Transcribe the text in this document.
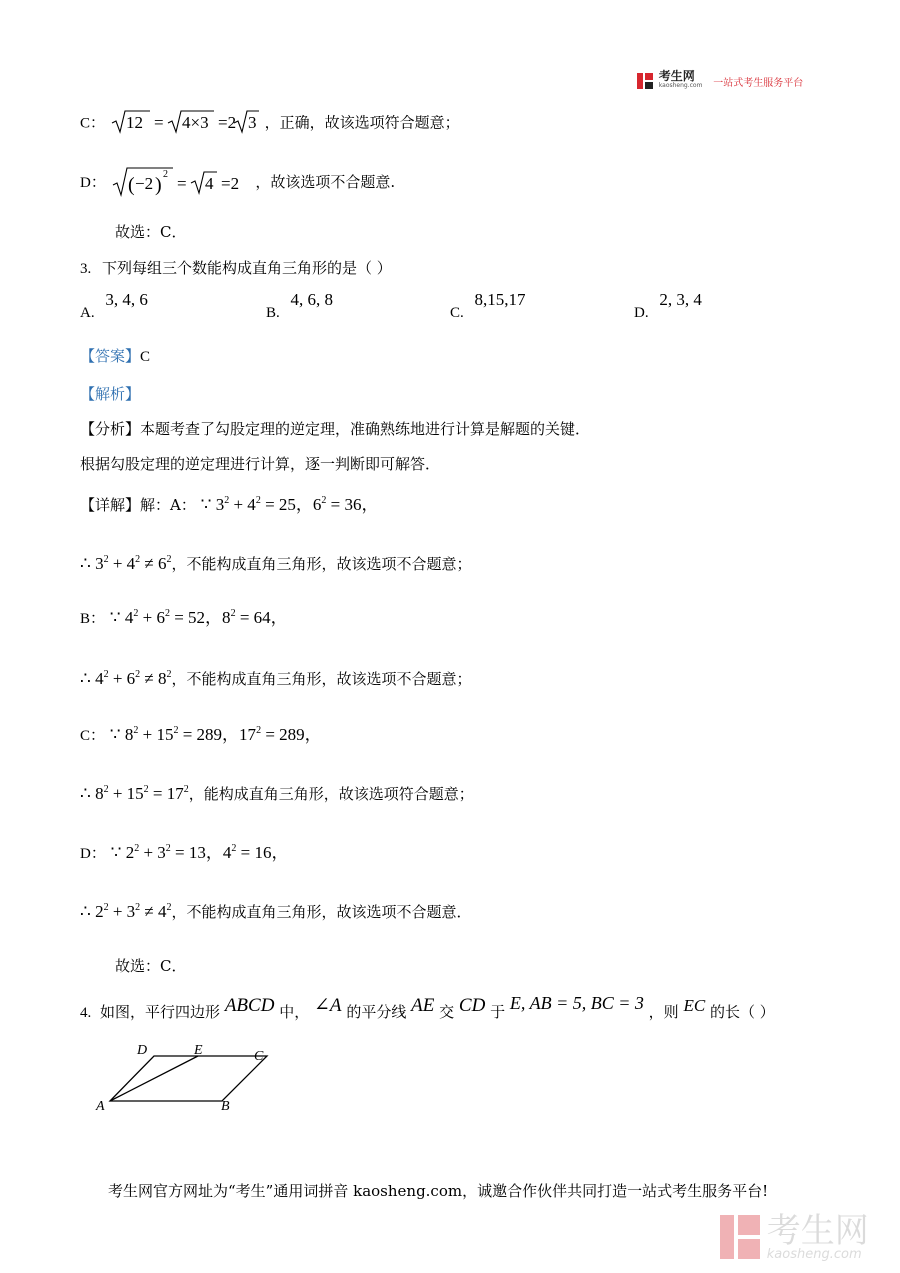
考生网
kaosheng.com 一站式考生服务平台
C： 12 = 4×3 =2 3 ，正确，故该选项符合题意；
D： ( −2 ) 2 = 4 =2 ，故该选项不合题意.
故选：C．
3. 下列每组三个数能构成直角三角形的是（ ）
A. 3, 4, 6
B. 4, 6, 8
C. 8,15,17
D. 2, 3, 4
【答案】C
【解析】
【分析】本题考查了勾股定理的逆定理，准确熟练地进行计算是解题的关键．
根据勾股定理的逆定理进行计算，逐一判断即可解答．
【详解】解：A： ∵ $3^2 + 4^2 = 25$，$6^2 = 36$，
∴ $3^2 + 4^2 \ne 6^2$，不能构成直角三角形，故该选项不合题意；
B： ∵ $4^2 + 6^2 = 52$，$8^2 = 64$，
∴ $4^2 + 6^2 \ne 8^2$，不能构成直角三角形，故该选项不合题意；
C： ∵ $8^2 + 15^2 = 289$，$17^2 = 289$，
∴ $8^2 + 15^2 = 17^2$，能构成直角三角形，故该选项符合题意；
D： ∵ $2^2 + 3^2 = 13$，$4^2 = 16$，
∴ $2^2 + 3^2 \ne 4^2$，不能构成直角三角形，故该选项不合题意．
故选：C．
4. 如图，平行四边形 ABCD 中， ∠A 的平分线 AE 交 CD 于 E, AB = 5, BC = 3 ，则 EC 的长（ ）
D	E	C
A	B
考生网官方网址为“考生”通用词拼音 kaosheng.com，诚邀合作伙伴共同打造一站式考生服务平台!

考生网
kaosheng.com
